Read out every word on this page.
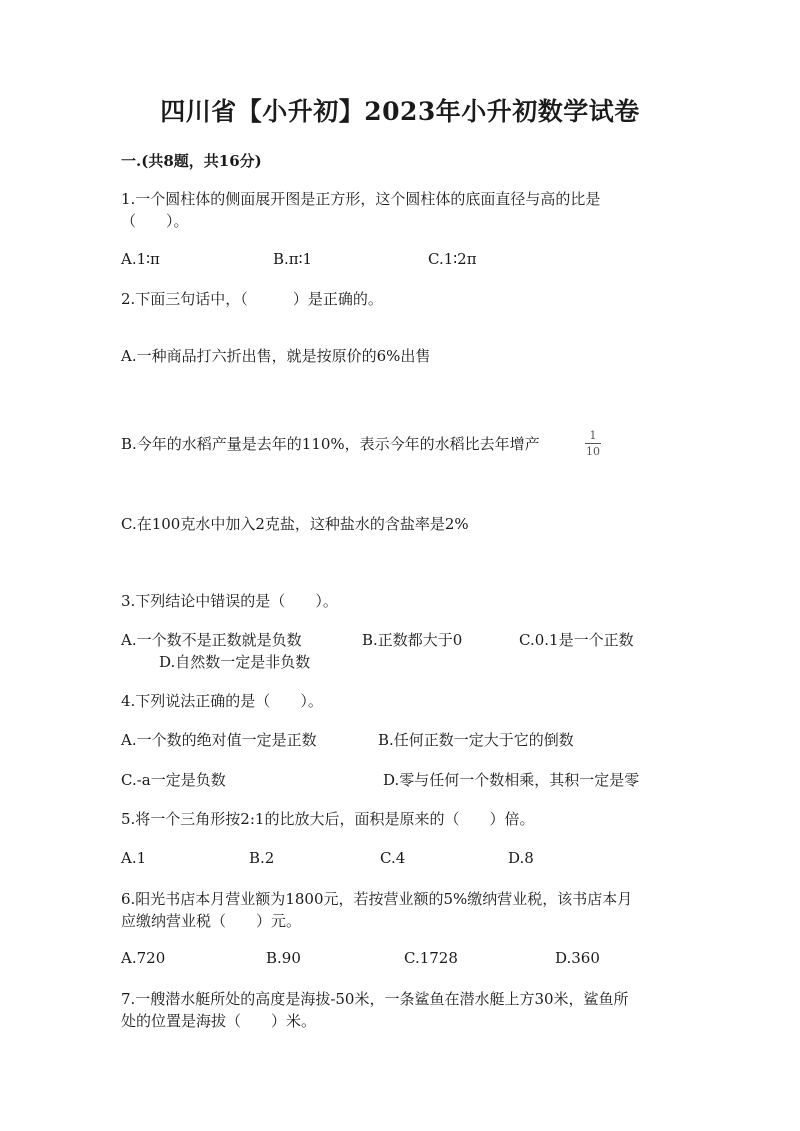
四川省【小升初】2023年小升初数学试卷
一.(共8题，共16分)
1.一个圆柱体的侧面展开图是正方形，这个圆柱体的底面直径与高的比是
（　　）。
A.1∶π	B.π∶1	C.1∶2π
2.下面三句话中，（　　　）是正确的。
A.一种商品打六折出售，就是按原价的6%出售
B.今年的水稻产量是去年的110%，表示今年的水稻比去年增产	1
10
C.在100克水中加入2克盐，这种盐水的含盐率是2%
3.下列结论中错误的是（　　）。
A.一个数不是正数就是负数	B.正数都大于0	C.0.1是一个正数
D.自然数一定是非负数
4.下列说法正确的是（　　）。
A.一个数的绝对值一定是正数	B.任何正数一定大于它的倒数
C.-a一定是负数	D.零与任何一个数相乘，其积一定是零
5.将一个三角形按2:1的比放大后，面积是原来的（　　）倍。
A.1	B.2	C.4	D.8
6.阳光书店本月营业额为1800元，若按营业额的5%缴纳营业税，该书店本月
应缴纳营业税（　　）元。
A.720	B.90	C.1728	D.360
7.一艘潜水艇所处的高度是海拔-50米，一条鲨鱼在潜水艇上方30米，鲨鱼所
处的位置是海拔（　　）米。
